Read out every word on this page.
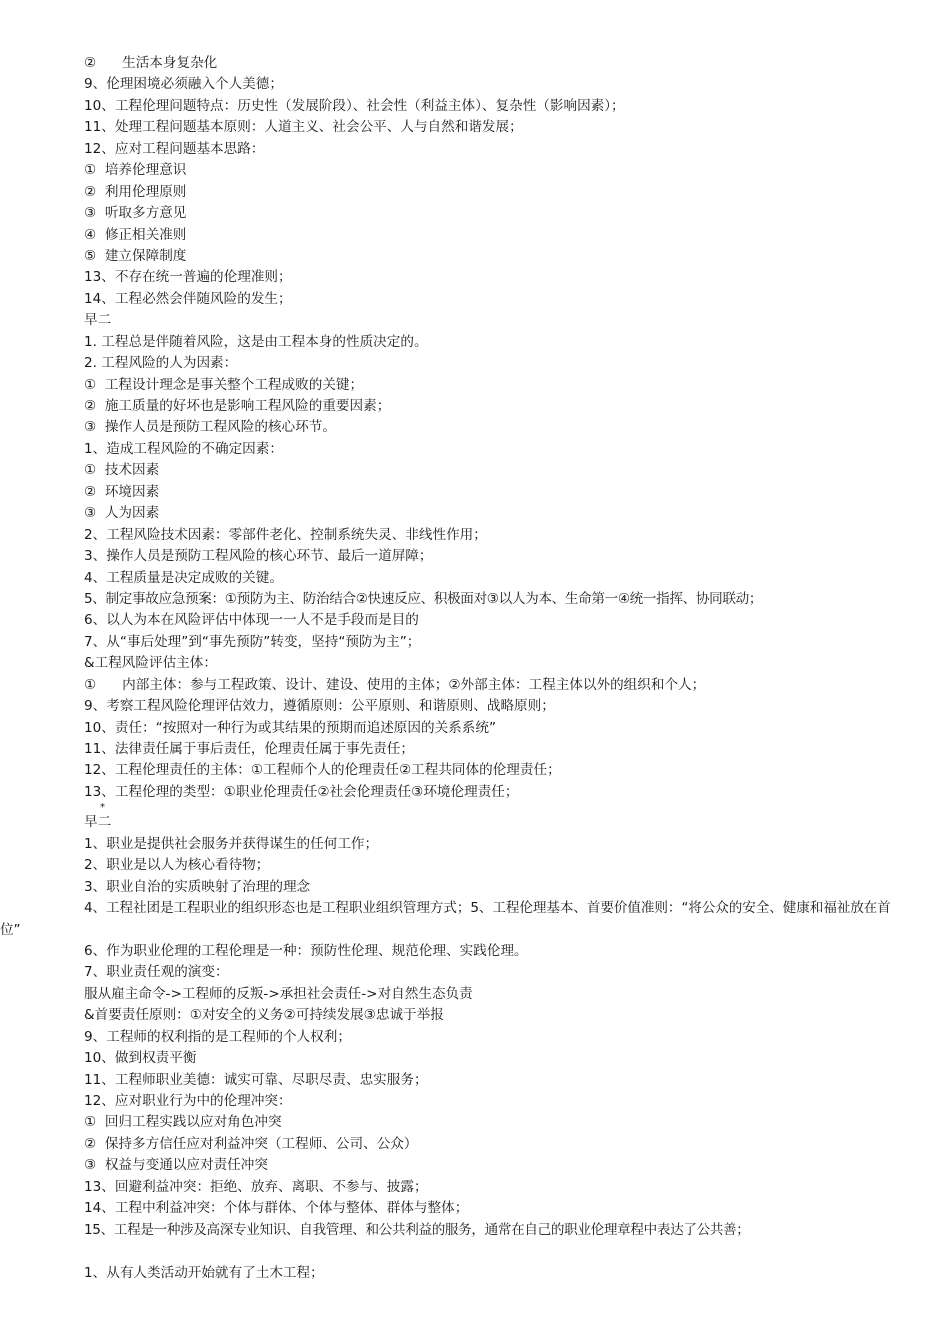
②      生活本身复杂化
9、伦理困境必须融入个人美德；
10、工程伦理问题特点：历史性（发展阶段）、社会性（利益主体）、复杂性（影响因素）；
11、处理工程问题基本原则：人道主义、社会公平、人与自然和谐发展；
12、应对工程问题基本思路：
①  培养伦理意识
②  利用伦理原则
③  听取多方意见
④  修正相关准则
⑤  建立保障制度
13、不存在统一普遍的伦理准则；
14、工程必然会伴随风险的发生；
早二
1. 工程总是伴随着风险，这是由工程本身的性质决定的。
2. 工程风险的人为因素：
①  工程设计理念是事关整个工程成败的关键；
②  施工质量的好坏也是影响工程风险的重要因素；
③  操作人员是预防工程风险的核心环节。
1、造成工程风险的不确定因素：
①  技术因素
②  环境因素
③  人为因素
2、工程风险技术因素：零部件老化、控制系统失灵、非线性作用；
3、操作人员是预防工程风险的核心环节、最后一道屏障；
4、工程质量是决定成败的关键。
5、制定事故应急预案：①预防为主、防治结合②快速反应、积极面对③以人为本、生命第一④统一指挥、协同联动；
6、以人为本在风险评估中体现一一人不是手段而是目的
7、从“事后处理”到“事先预防”转变，坚持“预防为主”；
&工程风险评估主体：
①      内部主体：参与工程政策、设计、建设、使用的主体；②外部主体：工程主体以外的组织和个人；
9、考察工程风险伦理评估效力，遵循原则：公平原则、和谐原则、战略原则；
10、责任：“按照对一种行为或其结果的预期而追述原因的关系系统”
11、法律责任属于事后责任，伦理责任属于事先责任；
12、工程伦理责任的主体：①工程师个人的伦理责任②工程共同体的伦理责任；
13、工程伦理的类型：①职业伦理责任②社会伦理责任③环境伦理责任；
*
早二
1、职业是提供社会服务并获得谋生的任何工作；
2、职业是以人为核心看待物；
3、职业自治的实质映射了治理的理念
4、工程社团是工程职业的组织形态也是工程职业组织管理方式；5、工程伦理基本、首要价值准则：“将公众的安全、健康和福祉放在首位”
6、作为职业伦理的工程伦理是一种：预防性伦理、规范伦理、实践伦理。
7、职业责任观的演变：
服从雇主命令->工程师的反叛->承担社会责任->对自然生态负责
&首要责任原则：①对安全的义务②可持续发展③忠诚于举报
9、工程师的权利指的是工程师的个人权利；
10、做到权责平衡
11、工程师职业美德：诚实可靠、尽职尽责、忠实服务；
12、应对职业行为中的伦理冲突：
①  回归工程实践以应对角色冲突
②  保持多方信任应对利益冲突（工程师、公司、公众）
③  权益与变通以应对责任冲突
13、回避利益冲突：拒绝、放弃、离职、不参与、披露；
14、工程中利益冲突：个体与群体、个体与整体、群体与整体；
15、工程是一种涉及高深专业知识、自我管理、和公共利益的服务，通常在自己的职业伦理章程中表达了公共善；
1、从有人类活动开始就有了土木工程；
